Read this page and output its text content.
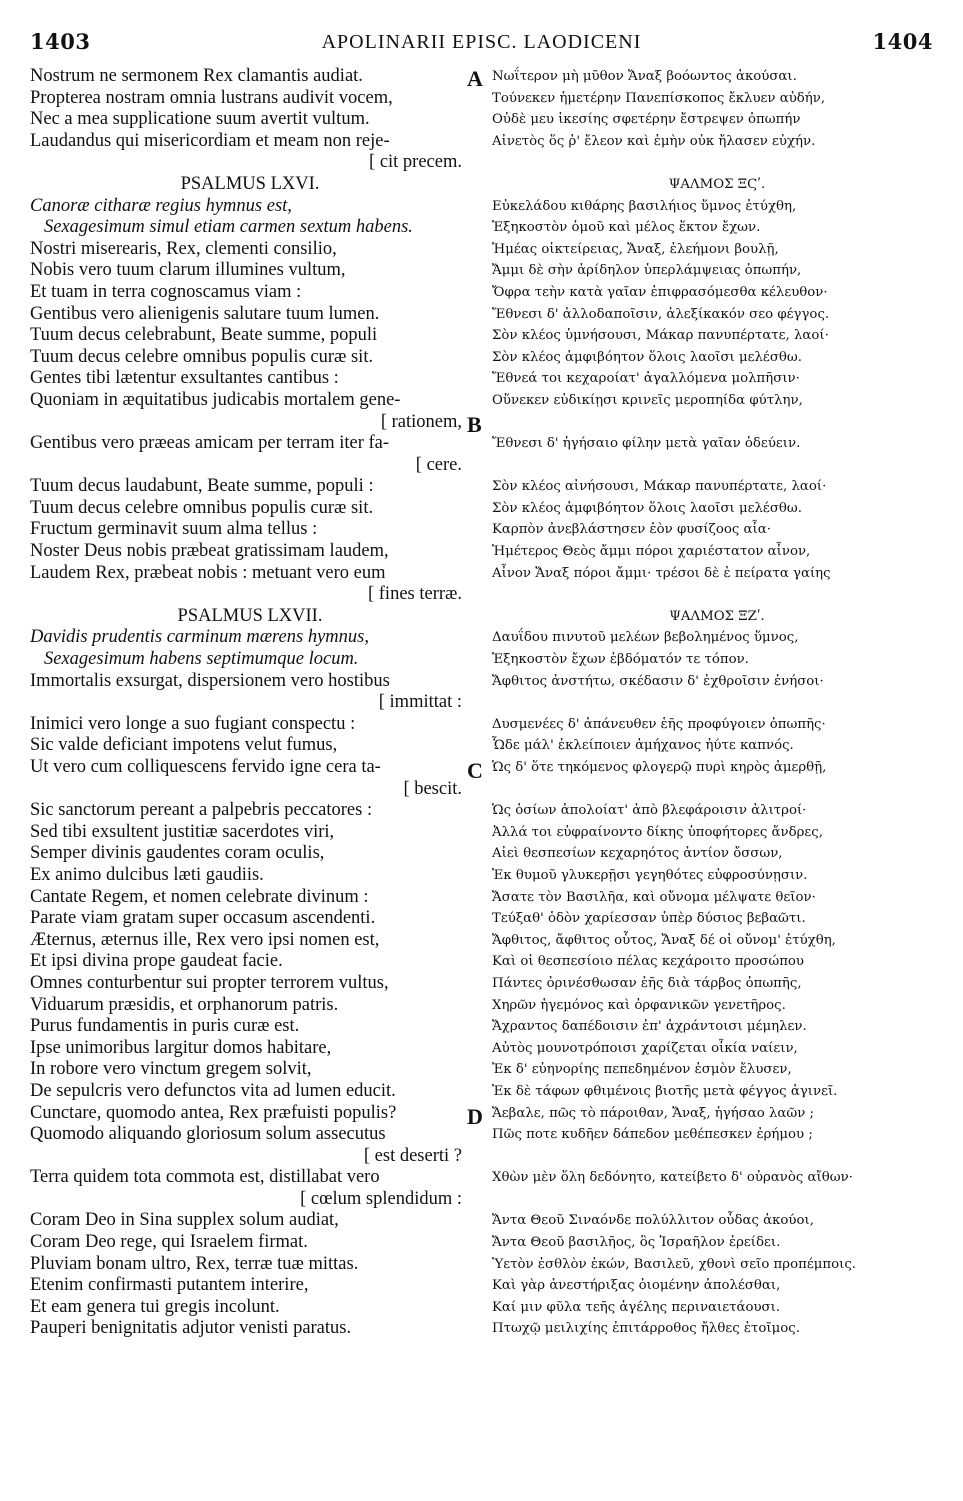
1403	APOLINARII EPISC. LAODICENI	1404
Nostrum ne sermonem Rex clamantis audiat.
Propterea nostram omnia lustrans audivit vocem,
Nec a mea supplicatione suum avertit vultum.
Laudandus qui misericordiam et meam non reje-
[ cit precem.
PSALMUS LXVI.
Canoræ citharæ regius hymnus est,
Sexagesimum simul etiam carmen sextum habens.
Nostri miserearis, Rex, clementi consilio,
Nobis vero tuum clarum illumines vultum,
Et tuam in terra cognoscamus viam :
Gentibus vero alienigenis salutare tuum lumen.
Tuum decus celebrabunt, Beate summe, populi
Tuum decus celebre omnibus populis curæ sit.
Gentes tibi lætentur exsultantes cantibus :
Quoniam in æquitatibus judicabis mortalem gene-
[ rationem,
Gentibus vero præeas amicam per terram iter fa-
[ cere.
Tuum decus laudabunt, Beate summe, populi :
Tuum decus celebre omnibus populis curæ sit.
Fructum germinavit suum alma tellus :
Noster Deus nobis præbeat gratissimam laudem,
Laudem Rex, præbeat nobis : metuant vero eum
[ fines terræ.
PSALMUS LXVII.
Davidis prudentis carminum mærens hymnus,
Sexagesimum habens septimumque locum.
Immortalis exsurgat, dispersionem vero hostibus
[ immittat :
Inimici vero longe a suo fugiant conspectu :
Sic valde deficiant impotens velut fumus,
Ut vero cum colliquescens fervido igne cera ta-
[ bescit.
Sic sanctorum pereant a palpebris peccatores :
Sed tibi exsultent justitiæ sacerdotes viri,
Semper divinis gaudentes coram oculis,
Ex animo dulcibus læti gaudiis.
Cantate Regem, et nomen celebrate divinum :
Parate viam gratam super occasum ascendenti.
Æternus, æternus ille, Rex vero ipsi nomen est,
Et ipsi divina prope gaudeat facie.
Omnes conturbentur sui propter terrorem vultus,
Viduarum præsidis, et orphanorum patris.
Purus fundamentis in puris curæ est.
Ipse unimoribus largitur domos habitare,
In robore vero vinctum gregem solvit,
De sepulcris vero defunctos vita ad lumen educit.
Cunctare, quomodo antea, Rex præfuisti populis?
Quomodo aliquando gloriosum solum assecutus
[ est deserti ?
Terra quidem tota commota est, distillabat vero
[ cœlum splendidum :
Coram Deo in Sina supplex solum audiat,
Coram Deo rege, qui Israelem firmat.
Pluviam bonam ultro, Rex, terræ tuæ mittas.
Etenim confirmasti putantem interire,
Et eam genera tui gregis incolunt.
Pauperi benignitatis adjutor venisti paratus.
Νωΐτερον μὴ μῦθον Ἄναξ βοόωντος ἀκούσαι.
Τούνεκεν ἡμετέρην Πανεπίσκοπος ἔκλυεν αὐδήν,
Οὐδὲ μευ ἱκεσίης σφετέρην ἔστρεψεν ὀπωπήν
Αἰνετὸς ὅς ῥ' ἔλεον καὶ ἐμὴν οὐκ ἤλασεν εὐχήν.
ΨΑΛΜΟΣ ΞϚʹ.
Εὐκελάδου κιθάρης βασιλήιος ὕμνος ἐτύχθη,
Ἑξηκοστὸν ὁμοῦ καὶ μέλος ἕκτον ἔχων.
Ἡμέας οἰκτείρειας, Ἄναξ, ἐλεήμονι βουλῇ,
Ἄμμι δὲ σὴν ἀρίδηλον ὑπερλάμψειας ὀπωπήν,
Ὄφρα τεὴν κατὰ γαῖαν ἐπιφρασόμεσθα κέλευθον·
Ἔθνεσι δ' ἀλλοδαποῖσιν, ἀλεξίκακόν σεο φέγγος.
Σὸν κλέος ὑμνήσουσι, Μάκαρ πανυπέρτατε, λαοί·
Σὸν κλέος ἀμφιβόητον ὅλοις λαοῖσι μελέσθω.
Ἔθνεά τοι κεχαροίατ' ἀγαλλόμενα μολπῆσιν·
Οὕνεκεν εὐδικίῃσι κρινεῖς μεροπηίδα φύτλην,
Ἔθνεσι δ' ἡγήσαιο φίλην μετὰ γαῖαν ὁδεύειν.
Σὸν κλέος αἰνήσουσι, Μάκαρ πανυπέρτατε, λαοί·
Σὸν κλέος ἀμφιβόητον ὅλοις λαοῖσι μελέσθω.
Καρπὸν ἀνεβλάστησεν ἑὸν φυσίζοος αἶα·
Ἡμέτερος Θεὸς ἄμμι πόροι χαριέστατον αἶνον,
Αἶνον Ἄναξ πόροι ἄμμι· τρέσοι δὲ ἑ πείρατα γαίης
ΨΑΛΜΟΣ ΞΖʹ.
Δαυΐδου πινυτοῦ μελέων βεβολημένος ὕμνος,
Ἑξηκοστὸν ἔχων ἑβδόματόν τε τόπον.
Ἄφθιτος ἀνστήτω, σκέδασιν δ' ἐχθροῖσιν ἐνήσοι·
Δυσμενέες δ' ἀπάνευθεν ἑῆς προφύγοιεν ὀπωπῆς·
Ὧδε μάλ' ἐκλείποιεν ἀμήχανος ἠύτε καπνός.
Ὡς δ' ὅτε τηκόμενος φλογερῷ πυρὶ κηρὸς ἀμερθῇ,
Ὡς ὁσίων ἀπολοίατ' ἀπὸ βλεφάροισιν ἀλιτροί·
Ἀλλά τοι εὐφραίνοντο δίκης ὑποφήτορες ἄνδρες,
Αἰεὶ θεσπεσίων κεχαρηότος ἀντίον ὄσσων,
Ἐκ θυμοῦ γλυκερῇσι γεγηθότες εὐφροσύνῃσιν.
Ἄσατε τὸν Βασιλῆα, καὶ οὔνομα μέλψατε θεῖον·
Τεύξαθ' ὁδὸν χαρίεσσαν ὑπὲρ δύσιος βεβαῶτι.
Ἄφθιτος, ἄφθιτος οὗτος, Ἄναξ δέ οἱ οὔνομ' ἐτύχθη,
Καὶ οἱ θεσπεσίοιο πέλας κεχάροιτο προσώπου
Πάντες ὀρινέσθωσαν ἑῆς διὰ τάρβος ὀπωπῆς,
Χηρῶν ἡγεμόνος καὶ ὀρφανικῶν γενετῆρος.
Ἄχραντος δαπέδοισιν ἐπ' ἀχράντοισι μέμηλεν.
Αὐτὸς μουνοτρόποισι χαρίζεται οἶκία ναίειν,
Ἐκ δ' εὐηνορίης πεπεδημένον ἐσμὸν ἔλυσεν,
Ἐκ δὲ τάφων φθιμένοις βιοτῆς μετὰ φέγγος ἀγινεῖ.
Ἄεβαλε, πῶς τὸ πάροιθαν, Ἄναξ, ἡγήσαο λαῶν ;
Πῶς ποτε κυδῆεν δάπεδον μεθέπεσκεν ἐρήμου ;
Χθὼν μὲν ὅλη δεδόνητο, κατείβετο δ' οὐρανὸς αἴθων·
Ἄντα Θεοῦ Σιναόνδε πολύλλιτον οὖδας ἀκούοι,
Ἄντα Θεοῦ βασιλῆος, ὃς Ἰσραῆλον ἐρείδει.
Ὑετὸν ἐσθλὸν ἑκών, Βασιλεῦ, χθονὶ σεῖο προπέμποις.
Καὶ γὰρ ἀνεστήριξας ὀιομένην ἀπολέσθαι,
Καί μιν φῦλα τεῆς ἀγέλης περιναιετάουσι.
Πτωχῷ μειλιχίης ἐπιτάρροθος ἤλθες ἑτοῖμος.
A
B
C
D
